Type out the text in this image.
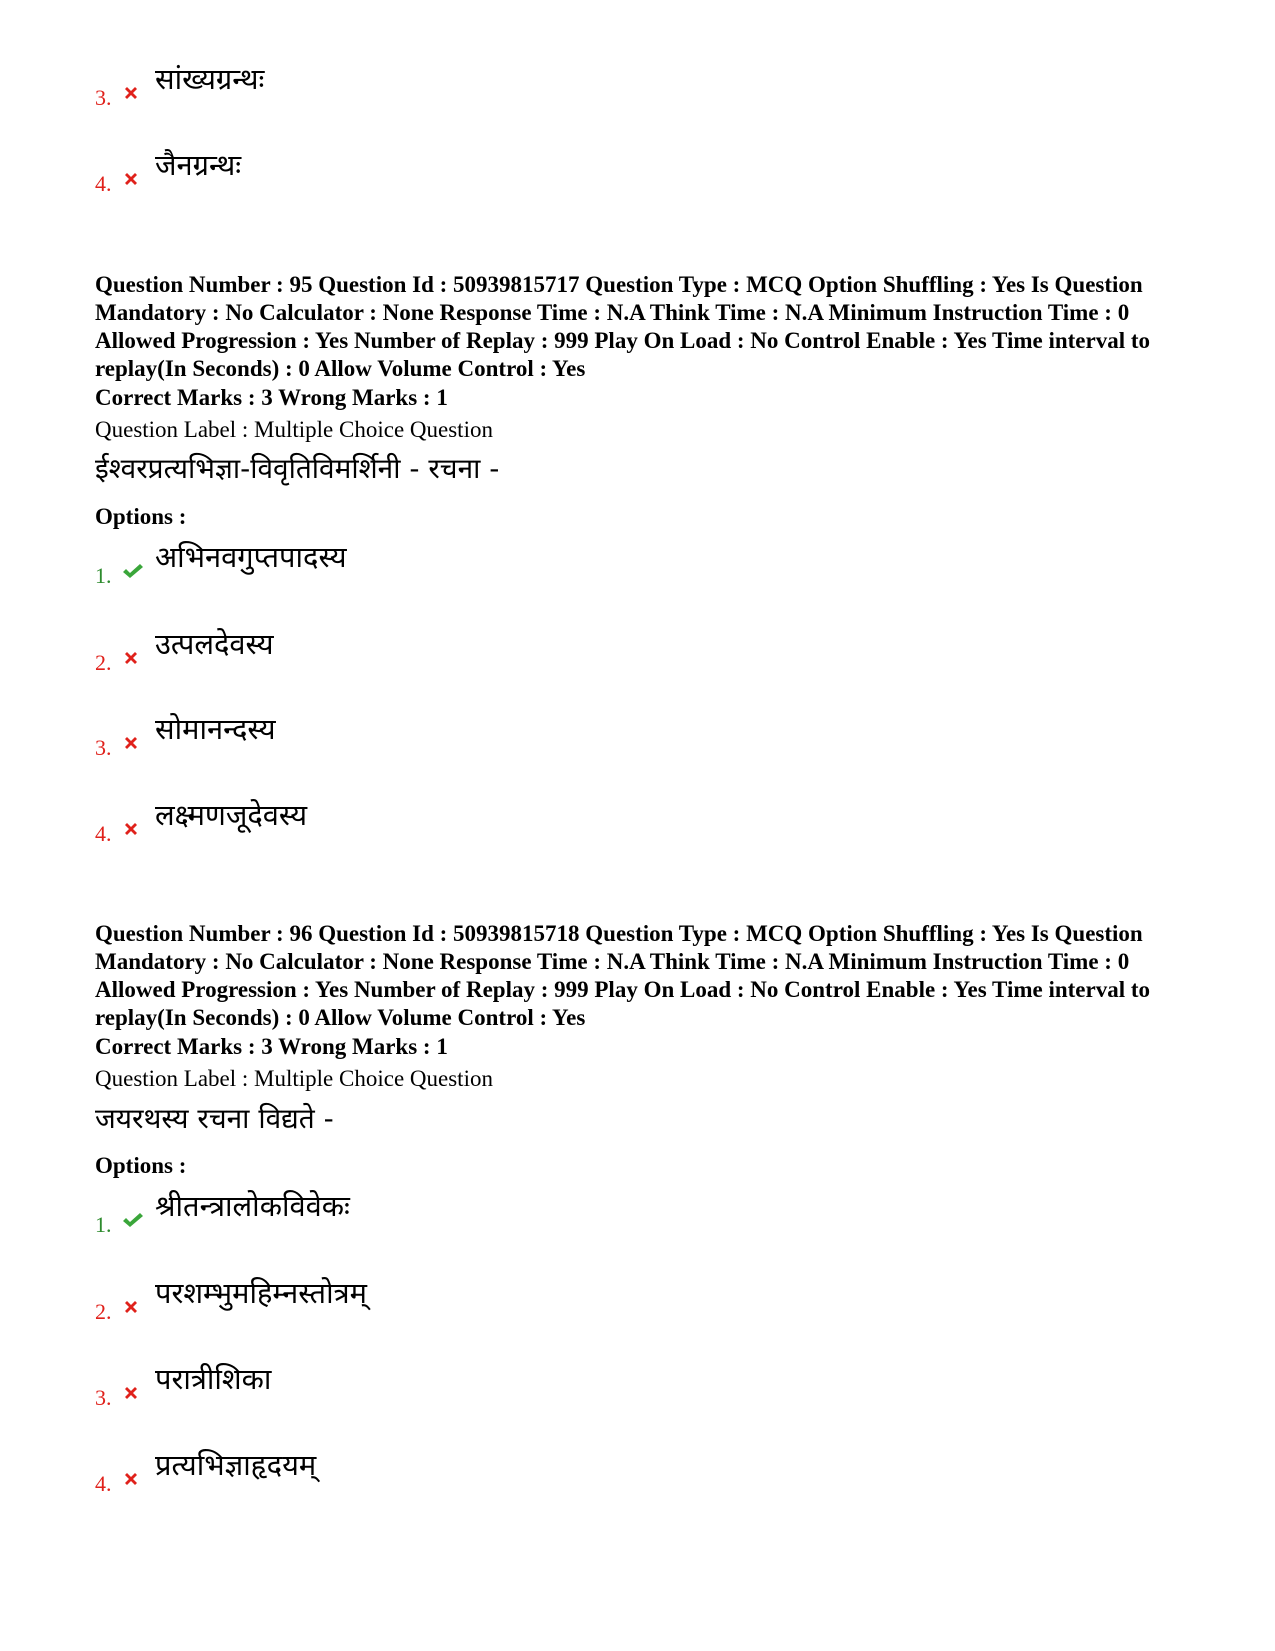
3.
सांख्यग्रन्थः
4.
जैनग्रन्थः
Question Number : 95 Question Id : 50939815717 Question Type : MCQ Option Shuffling : Yes Is Question Mandatory : No Calculator : None Response Time : N.A Think Time : N.A Minimum Instruction Time : 0 Allowed Progression : Yes Number of Replay : 999 Play On Load : No Control Enable : Yes Time interval to replay(In Seconds) : 0 Allow Volume Control : Yes
Correct Marks : 3 Wrong Marks : 1
Question Label : Multiple Choice Question
ईश्वरप्रत्यभिज्ञा-विवृतिविमर्शिनी - रचना -
Options :
1.
अभिनवगुप्तपादस्य
2.
उत्पलदेवस्य
3.
सोमानन्दस्य
4.
लक्ष्मणजूदेवस्य
Question Number : 96 Question Id : 50939815718 Question Type : MCQ Option Shuffling : Yes Is Question Mandatory : No Calculator : None Response Time : N.A Think Time : N.A Minimum Instruction Time : 0 Allowed Progression : Yes Number of Replay : 999 Play On Load : No Control Enable : Yes Time interval to replay(In Seconds) : 0 Allow Volume Control : Yes
Correct Marks : 3 Wrong Marks : 1
Question Label : Multiple Choice Question
जयरथस्य रचना विद्यते -
Options :
1.
श्रीतन्त्रालोकविवेकः
2.
परशम्भुमहिम्नस्तोत्रम्
3.
परात्रीशिका
4.
प्रत्यभिज्ञाहृदयम्
